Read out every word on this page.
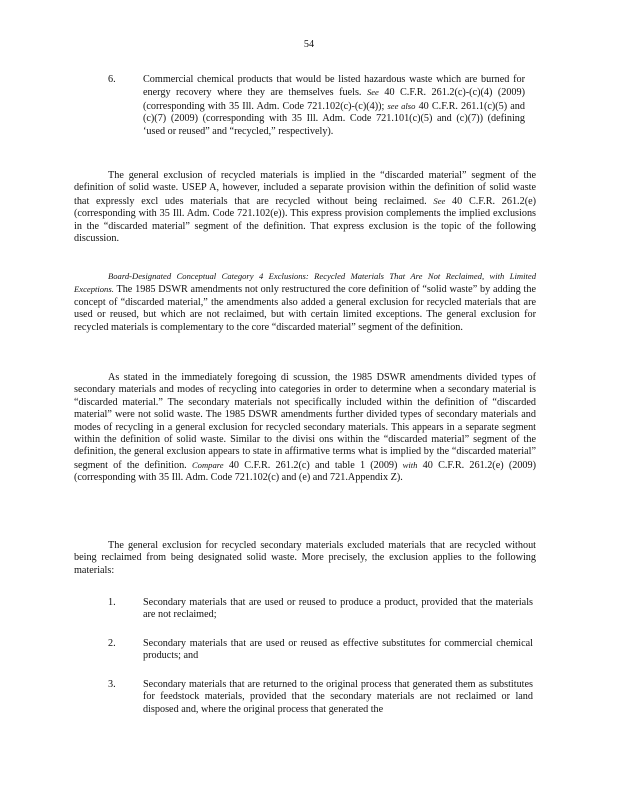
54
6.	Commercial chemical products that would be listed hazardous waste which are burned for energy recovery where they are themselves fuels. See 40 C.F.R. 261.2(c)-(c)(4) (2009) (corresponding with 35 Ill. Adm. Code 721.102(c)-(c)(4)); see also 40 C.F.R. 261.1(c)(5) and (c)(7) (2009) (corresponding with 35 Ill. Adm. Code 721.101(c)(5) and (c)(7)) (defining ‘used or reused” and “recycled,” respectively).

The general exclusion of recycled materials is implied in the “discarded material” segment of the definition of solid waste. USEP A, however, included a separate provision within the definition of solid waste that expressly excl udes materials that are recycled without being reclaimed. See 40 C.F.R. 261.2(e) (corresponding with 35 Ill. Adm. Code 721.102(e)). This express provision complements the implied exclusions in the “discarded material” segment of the definition. That express exclusion is the topic of the following discussion.

Board-Designated Conceptual Category 4 Exclusions: Recycled Materials That Are Not Reclaimed, with Limited Exceptions. The 1985 DSWR amendments not only restructured the core definition of “solid waste” by adding the concept of “discarded material,” the amendments also added a general exclusion for recycled materials that are used or reused, but which are not reclaimed, but with certain limited exceptions. The general exclusion for recycled materials is complementary to the core “discarded material” segment of the definition.

As stated in the immediately foregoing di scussion, the 1985 DSWR amendments divided types of secondary materials and modes of recycling into categories in order to determine when a secondary material is “discarded material.” The secondary materials not specifically included within the definition of “discarded material” were not solid waste. The 1985 DSWR amendments further divided types of secondary materials and modes of recycling in a general exclusion for recycled secondary materials. This appears in a separate segment within the definition of solid waste. Similar to the divisi ons within the “discarded material” segment of the definition, the general exclusion appears to state in affirmative terms what is implied by the “discarded material” segment of the definition. Compare 40 C.F.R. 261.2(c) and table 1 (2009) with 40 C.F.R. 261.2(e) (2009) (corresponding with 35 Ill. Adm. Code 721.102(c) and (e) and 721.Appendix Z).

The general exclusion for recycled secondary materials excluded materials that are recycled without being reclaimed from being designated solid waste. More precisely, the exclusion applies to the following materials:

1.	Secondary materials that are used or reused to produce a product, provided that the materials are not reclaimed;

2.	Secondary materials that are used or reused as effective substitutes for commercial chemical products; and

3.	Secondary materials that are returned to the original process that generated them as substitutes for feedstock materials, provided that the secondary materials are not reclaimed or land disposed and, where the original process that generated the
